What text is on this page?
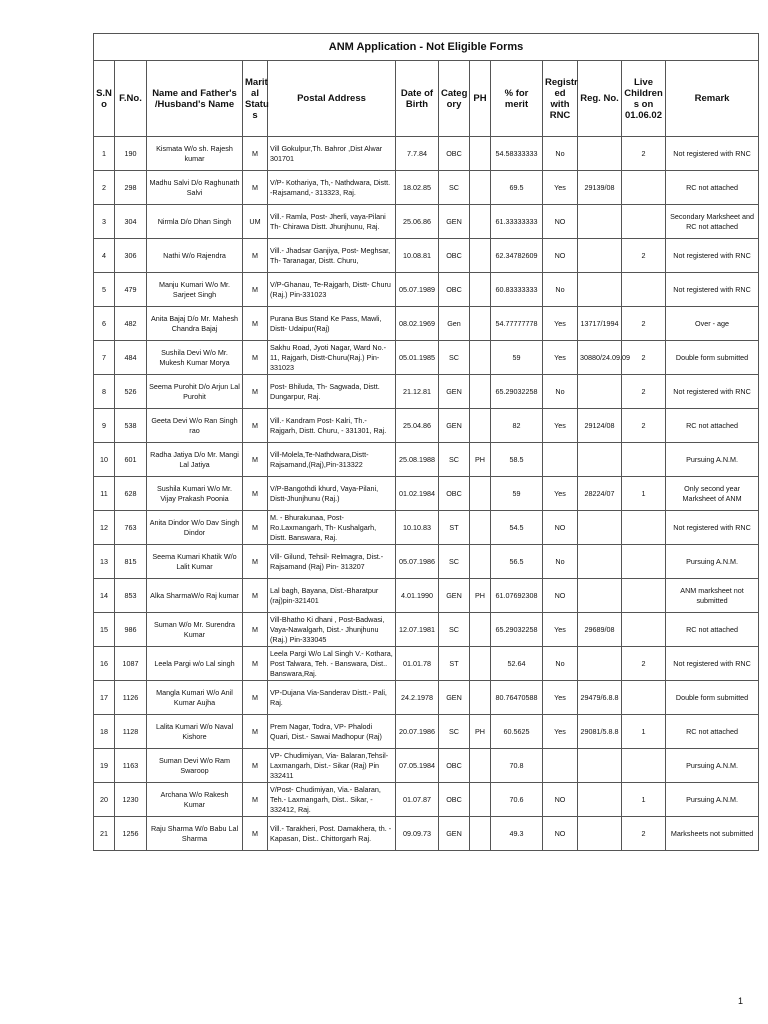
ANM Application - Not Eligible Forms												
S.N o	F.No.	Name and Father's /Husband's Name	Marit al Statu s	Postal Address	Date of Birth	Categ ory	PH	% for merit	Registr ed with RNC	Reg. No.	Live Children s on 01.06.02	Remark
1	190	Kismata W/o sh. Rajesh kumar	M	Vill Gokulpur,Th. Bahror ,Dist Alwar 301701	7.7.84	OBC		54.58333333	No		2	Not registered with RNC
2	298	Madhu Salvi D/o Raghunath Salvi	M	V/P- Kothariya, Th,- Nathdwara, Distt. -Rajsamand,- 313323, Raj.	18.02.85	SC		69.5	Yes	29139/08		RC not attached
3	304	Nirmla D/o Dhan Singh	UM	Vill.- Ramla, Post- Jherli, vaya-Pilani Th- Chirawa Distt. Jhunjhunu, Raj.	25.06.86	GEN		61.33333333	NO			Secondary Marksheet and RC not attached
4	306	Nathi W/o Rajendra	M	Vill.- Jhadsar Ganjiya, Post- Meghsar, Th- Taranagar, Distt. Churu,	10.08.81	OBC		62.34782609	NO		2	Not registered with RNC
5	479	Manju Kumari W/o Mr. Sarjeet Singh	M	V/P-Ghanau, Te-Rajgarh, Distt- Churu (Raj.) Pin-331023	05.07.1989	OBC		60.83333333	No			Not registered with RNC
6	482	Anita Bajaj D/o Mr. Mahesh Chandra Bajaj	M	Purana Bus Stand Ke Pass, Mawli, Distt- Udaipur(Raj)	08.02.1969	Gen		54.77777778	Yes	13717/1994	2	Over - age
7	484	Sushila Devi W/o Mr. Mukesh Kumar Morya	M	Sakhu Road, Jyoti Nagar, Ward No.- 11, Rajgarh, Distt-Churu(Raj.) Pin-331023	05.01.1985	SC		59	Yes	30880/24.09.09	2	Double form submitted
8	526	Seema Purohit D/o Arjun Lal Purohit	M	Post- Bhiluda, Th- Sagwada, Distt. Dungarpur, Raj.	21.12.81	GEN		65.29032258	No		2	Not registered with RNC
9	538	Geeta Devi W/o Ran Singh rao	M	Vill.- Kandram Post- Kalri, Th.- Rajgarh, Distt. Churu, - 331301, Raj.	25.04.86	GEN		82	Yes	29124/08	2	RC not attached
10	601	Radha Jatiya D/o Mr. Mangi Lal Jatiya	M	Vill-Molela,Te-Nathdwara,Distt-Rajsamand,(Raj),Pin-313322	25.08.1988	SC	PH	58.5				Pursuing A.N.M.
11	628	Sushila Kumari W/o Mr. Vijay Prakash Poonia	M	V/P-Bangothdi khurd, Vaya-Pilani, Distt-Jhunjhunu (Raj.)	01.02.1984	OBC		59	Yes	28224/07	1	Only second year Marksheet of ANM
12	763	Anita Dindor W/o Dav Singh Dindor	M	M. - Bhurakunaa, Post- Ro.Laxmangarh, Th- Kushalgarh, Distt. Banswara, Raj.	10.10.83	ST		54.5	NO			Not registered with RNC
13	815	Seema Kumari Khatik W/o Lalit Kumar	M	Vill- Gilund, Tehsil- Relmagra, Dist.- Rajsamand (Raj) Pin- 313207	05.07.1986	SC		56.5	No			Pursuing A.N.M.
14	853	Alka SharmaW/o Raj kumar	M	Lal bagh, Bayana, Dist.-Bharatpur (raj)pin-321401	4.01.1990	GEN	PH	61.07692308	NO			ANM marksheet not submitted
15	986	Suman W/o Mr. Surendra Kumar	M	Vill-Bhatho Ki dhani , Post-Badwasi, Vaya-Nawalgarh, Dist.- Jhunjhunu (Raj.) Pin-333045	12.07.1981	SC		65.29032258	Yes	29689/08		RC not attached
16	1087	Leela Pargi w/o Lal singh	M	Leela Pargi W/o Lal Singh V.- Kothara, Post Talwara, Teh. - Banswara, Dist.. Banswara,Raj.	01.01.78	ST		52.64	No		2	Not registered with RNC
17	1126	Mangla Kumari W/o Anil Kumar Aujha	M	VP-Dujana Via-Sanderav Distt.- Pali, Raj.	24.2.1978	GEN		80.76470588	Yes	29479/6.8.8		Double form submitted
18	1128	Lalita Kumari W/o Naval Kishore	M	Prem Nagar, Todra, VP- Phalodi Quari, Dist.- Sawai Madhopur (Raj)	20.07.1986	SC	PH	60.5625	Yes	29081/5.8.8	1	RC not attached
19	1163	Suman Devi W/o Ram Swaroop	M	VP- Chudimiyan, Via- Balaran,Tehsil-Laxmangarh, Dist.- Sikar (Raj) Pin 332411	07.05.1984	OBC		70.8				Pursuing A.N.M.
20	1230	Archana W/o Rakesh Kumar	M	V/Post- Chudimiyan, Via.- Balaran, Teh.- Laxmangarh, Dist.. Sikar, - 332412, Raj.	01.07.87	OBC		70.6	NO		1	Pursuing A.N.M.
21	1256	Raju Sharma W/o Babu Lal Sharma	M	Vill.- Tarakheri, Post. Damakhera, th. - Kapasan, Dist.. Chittorgarh Raj.	09.09.73	GEN		49.3	NO		2	Marksheets not submitted
1
